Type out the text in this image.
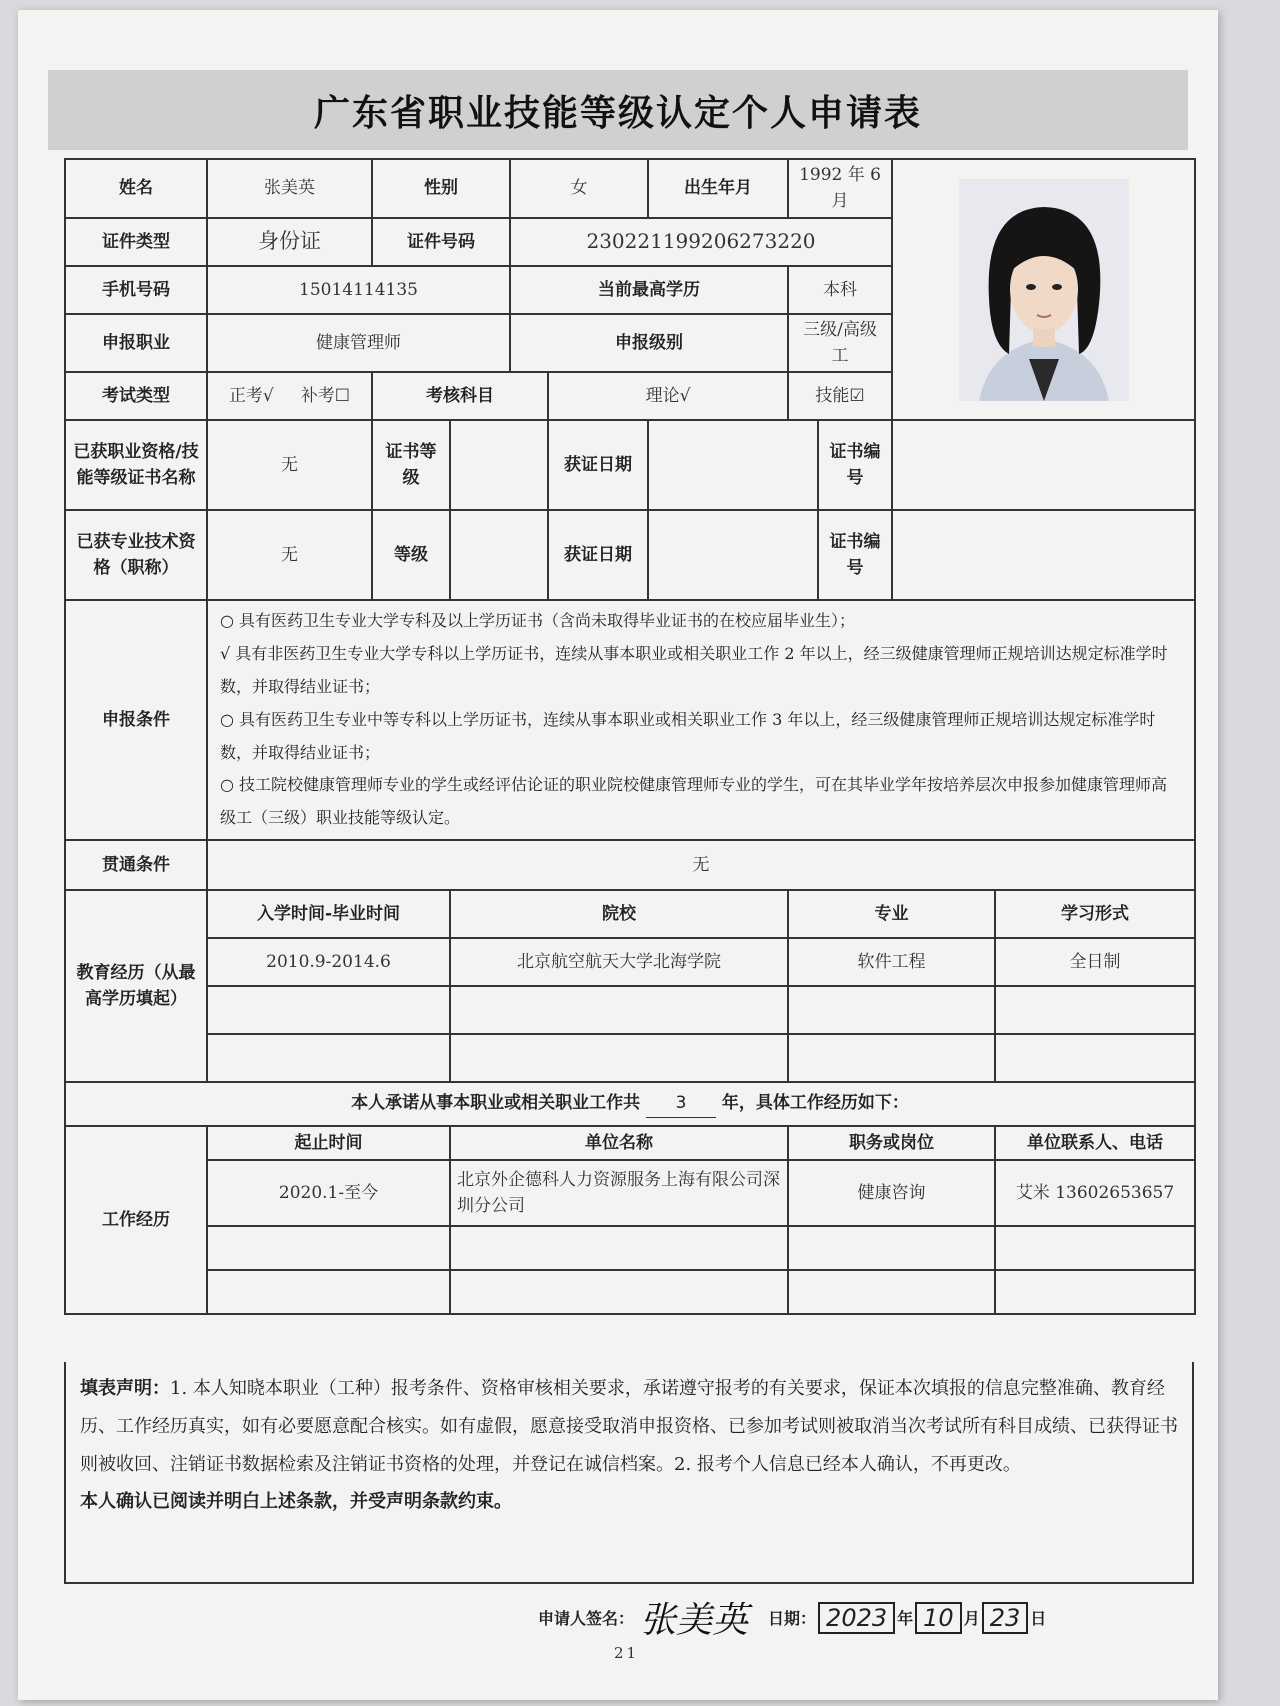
广东省职业技能等级认定个人申请表
姓名	张美英	性别		女		出生年月	1992 年 6 月	

证件类型	身份证	证件号码		230221199206273220						
手机号码	15014114135			当前最高学历			本科			
申报职业	健康管理师			申报级别			三级/高级工			
考试类型	正考√ 补考☐	考核科目			理论√		技能☑			
已获职业资格/技能等级证书名称	无	证书等级			获证日期			证书编号		
已获专业技术资格（职称）	无	等级			获证日期			证书编号		
申报条件	○ 具有医药卫生专业大学专科及以上学历证书（含尚未取得毕业证书的在校应届毕业生）；
√ 具有非医药卫生专业大学专科以上学历证书，连续从事本职业或相关职业工作 2 年以上，经三级健康管理师正规培训达规定标准学时数，并取得结业证书；
○ 具有医药卫生专业中等专科以上学历证书，连续从事本职业或相关职业工作 3 年以上，经三级健康管理师正规培训达规定标准学时数，并取得结业证书；
○ 技工院校健康管理师专业的学生或经评估论证的职业院校健康管理师专业的学生，可在其毕业学年按培养层次申报参加健康管理师高级工（三级）职业技能等级认定。									

贯通条件	无									
教育经历（从最高学历填起）	入学时间-毕业时间		院校				专业			学习形式
	2010.9-2014.6		北京航空航天大学北海学院				软件工程			全日制

本人承诺从事本职业或相关职业工作共 3 年，具体工作经历如下：										
工作经历	起止时间		单位名称				职务或岗位			单位联系人、电话
	2020.1-至今		北京外企德科人力资源服务上海有限公司深圳分公司				健康咨询			艾米 13602653657

填表声明：1. 本人知晓本职业（工种）报考条件、资格审核相关要求，承诺遵守报考的有关要求，保证本次填报的信息完整准确、教育经历、工作经历真实，如有必要愿意配合核实。如有虚假，愿意接受取消申报资格、已参加考试则被取消当次考试所有科目成绩、已获得证书则被收回、注销证书数据检索及注销证书资格的处理，并登记在诚信档案。2. 报考个人信息已经本人确认，不再更改。
本人确认已阅读并明白上述条款，并受声明条款约束。
申请人签名： 张美英 日期： 2023 年 10 月 23 日
21
